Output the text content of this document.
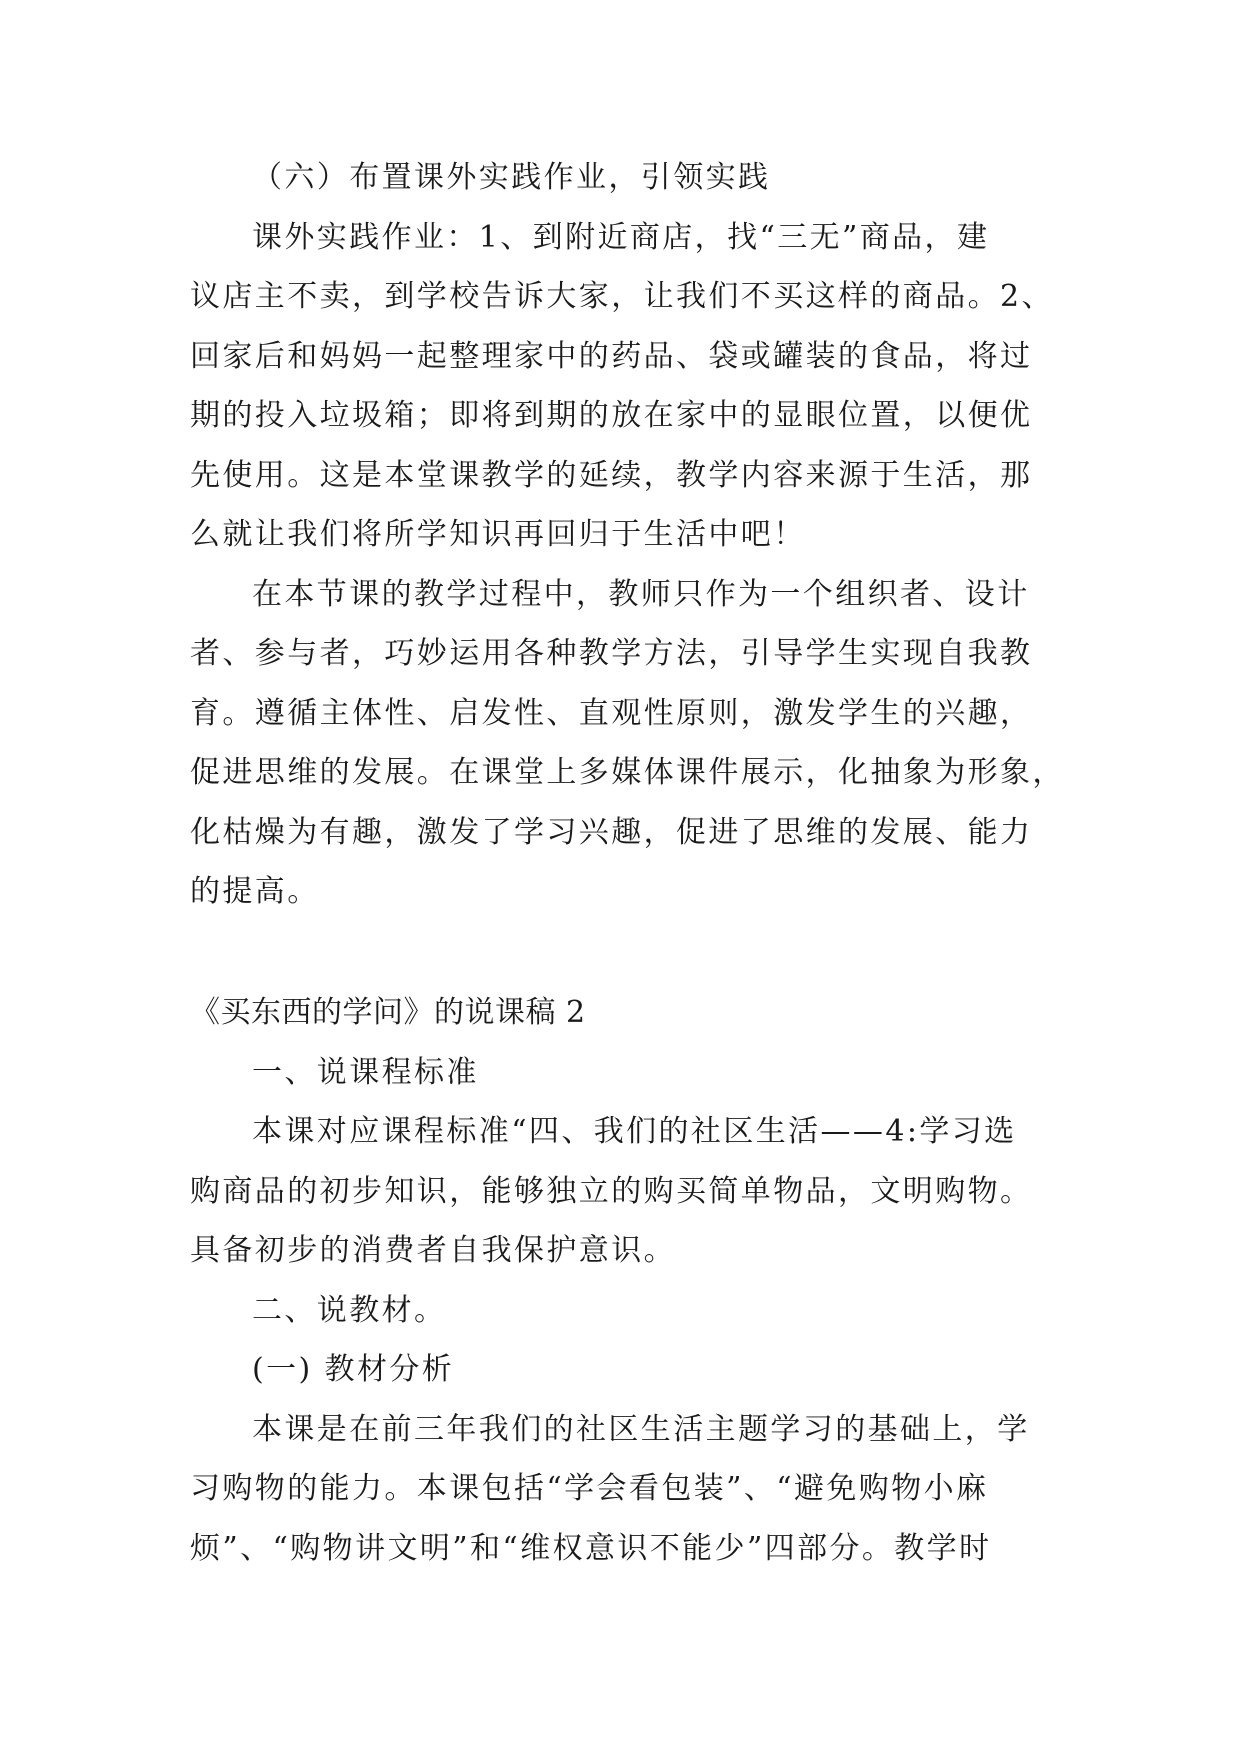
（六）布置课外实践作业，引领实践
课外实践作业：1、到附近商店，找“三无”商品，建
议店主不卖，到学校告诉大家，让我们不买这样的商品。2、
回家后和妈妈一起整理家中的药品、袋或罐装的食品，将过
期的投入垃圾箱；即将到期的放在家中的显眼位置，以便优
先使用。这是本堂课教学的延续，教学内容来源于生活，那
么就让我们将所学知识再回归于生活中吧！
在本节课的教学过程中，教师只作为一个组织者、设计
者、参与者，巧妙运用各种教学方法，引导学生实现自我教
育。遵循主体性、启发性、直观性原则，激发学生的兴趣，
促进思维的发展。在课堂上多媒体课件展示，化抽象为形象，
化枯燥为有趣，激发了学习兴趣，促进了思维的发展、能力
的提高。
《买东西的学问》的说课稿 2
一、说课程标准
本课对应课程标准“四、我们的社区生活——4:学习选
购商品的初步知识，能够独立的购买简单物品，文明购物。
具备初步的消费者自我保护意识。
二、说教材。
(一) 教材分析
本课是在前三年我们的社区生活主题学习的基础上，学
习购物的能力。本课包括“学会看包装”、“避免购物小麻
烦”、“购物讲文明”和“维权意识不能少”四部分。教学时
